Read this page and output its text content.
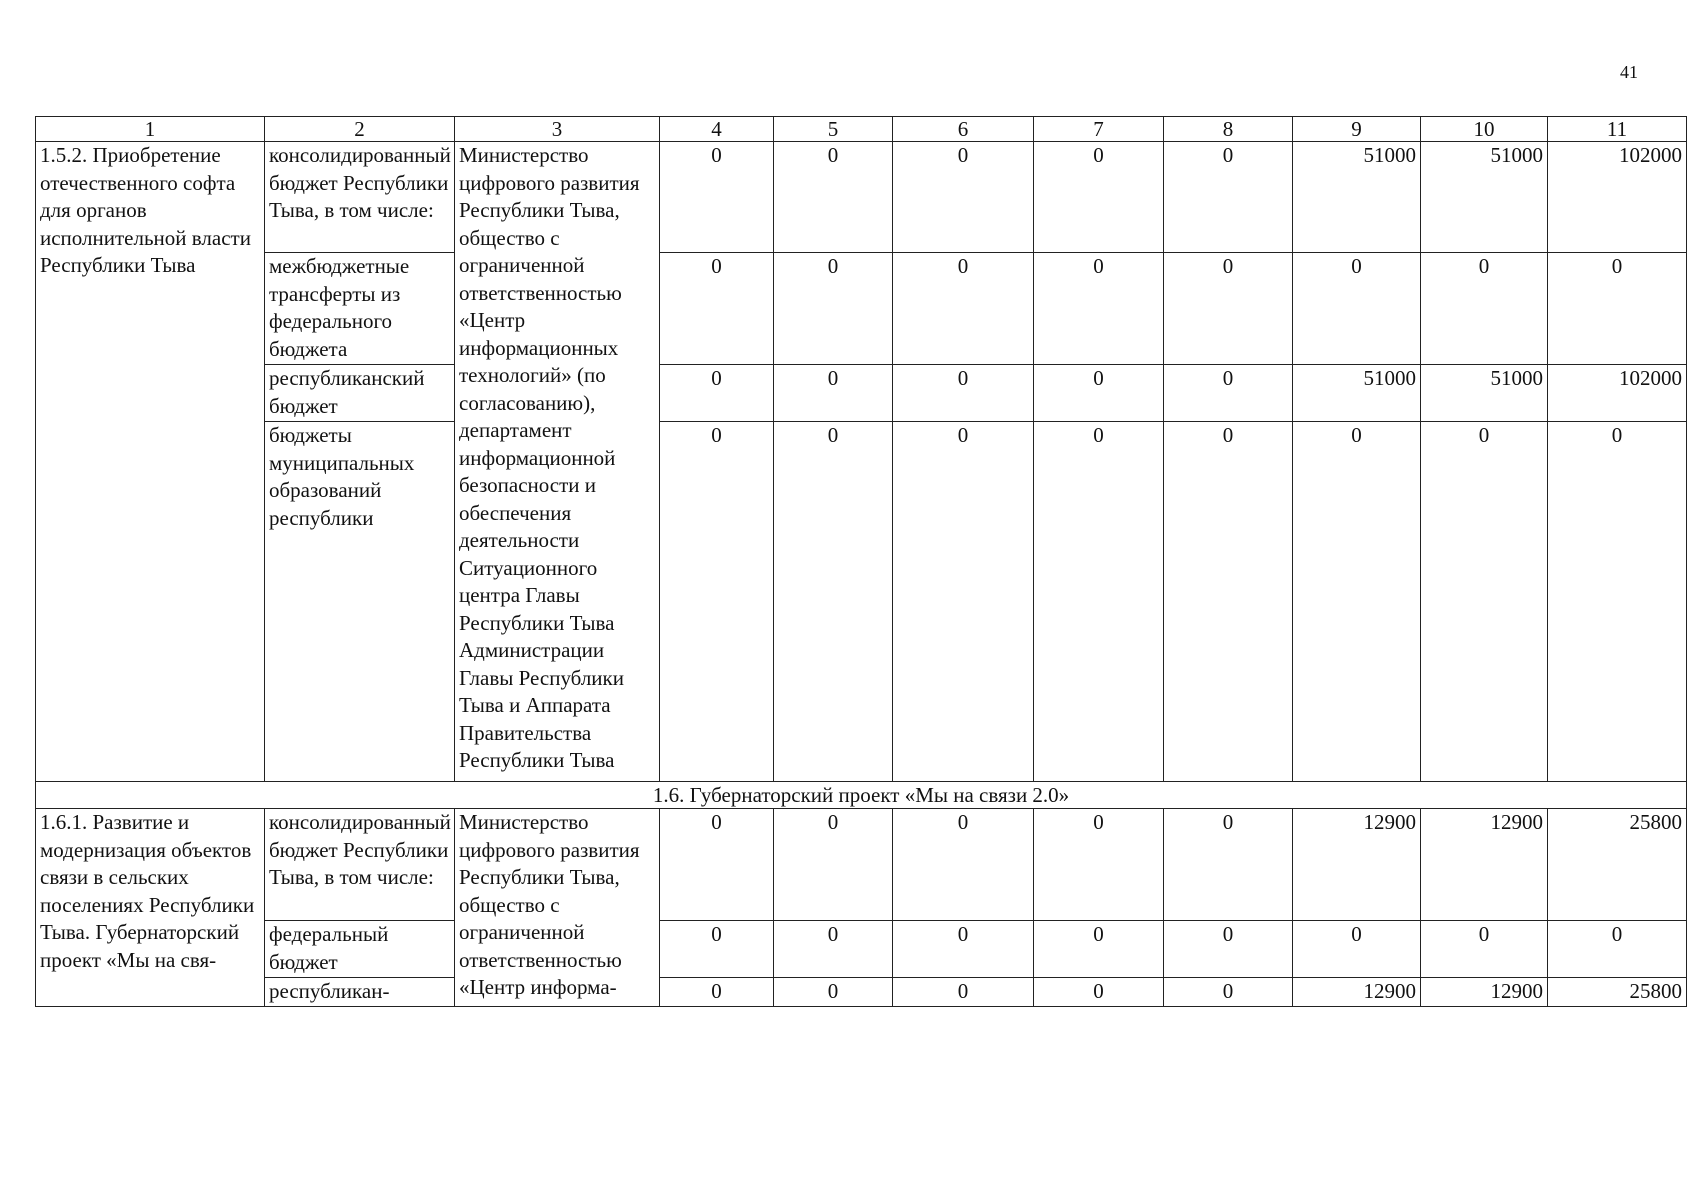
41
1	2	3	4	5	6	7	8	9	10	11
1.5.2. Приобретение отечественного софта для органов исполнительной власти Республики Тыва	консолидированный бюджет Республики Тыва, в том числе:	Министерство цифрового развития Республики Тыва, общество с ограниченной ответственностью «Центр информационных технологий» (по согласованию), департамент информационной безопасности и обеспечения деятельности Ситуационного центра Главы Республики Тыва Администрации Главы Республики Тыва и Аппарата Правительства Республики Тыва	0	0	0	0	0	51000	51000	102000
	межбюджетные трансферты из федерального бюджета		0	0	0	0	0	0	0	0
	республиканский бюджет		0	0	0	0	0	51000	51000	102000
	бюджеты муниципальных образований республики		0	0	0	0	0	0	0	0
1.6. Губернаторский проект «Мы на связи 2.0»										
1.6.1. Развитие и модернизация объектов связи в сельских поселениях Республики Тыва. Губернаторский проект «Мы на свя-	консолидированный бюджет Республики Тыва, в том числе:	Министерство цифрового развития Республики Тыва, общество с ограниченной ответственностью «Центр информа-	0	0	0	0	0	12900	12900	25800
	федеральный бюджет		0	0	0	0	0	0	0	0
	республикан-		0	0	0	0	0	12900	12900	25800
